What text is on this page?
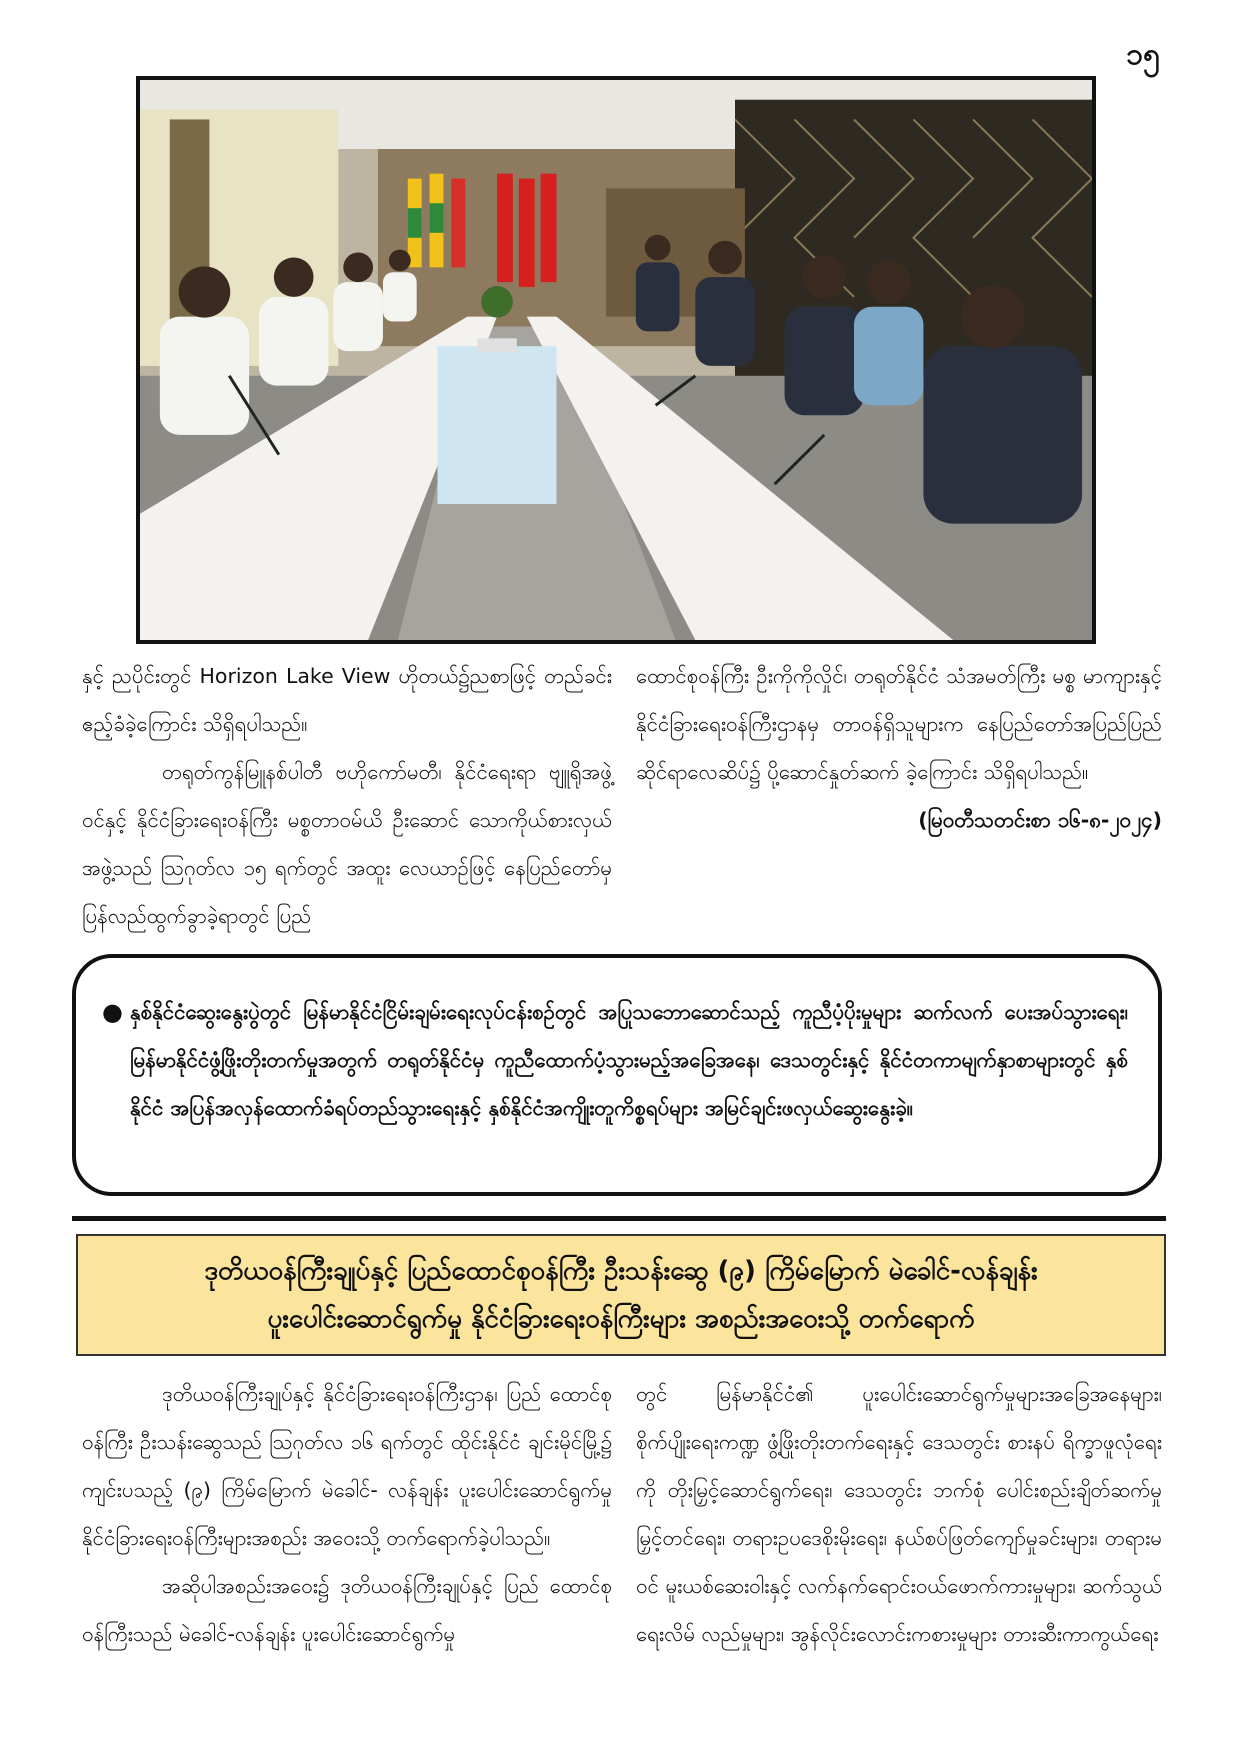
၁၅

နှင့် ညပိုင်းတွင် Horizon Lake View ဟိုတယ်၌ညစာဖြင့် တည်ခင်းဧည့်ခံခဲ့ကြောင်း သိရှိရပါသည်။

တရုတ်ကွန်မြူနစ်ပါတီ ဗဟိုကော်မတီ၊ နိုင်ငံရေးရာ ဗျူရိုအဖွဲ့ဝင်နှင့် နိုင်ငံခြားရေးဝန်ကြီး မစ္စတာဝမ်ယိ ဦးဆောင် သောကိုယ်စားလှယ်အဖွဲ့သည် ဩဂုတ်လ ၁၅ ရက်တွင် အထူး လေယာဉ်ဖြင့် နေပြည်တော်မှ ပြန်လည်ထွက်ခွာခဲ့ရာတွင် ပြည်

ထောင်စုဝန်ကြီး ဦးကိုကိုလှိုင်၊ တရုတ်နိုင်ငံ သံအမတ်ကြီး မစ္စ မာကျားနှင့် နိုင်ငံခြားရေးဝန်ကြီးဌာနမှ တာဝန်ရှိသူများက နေပြည်တော်အပြည်ပြည်ဆိုင်ရာလေဆိပ်၌ ပို့ဆောင်နှုတ်ဆက် ခဲ့ကြောင်း သိရှိရပါသည်။

(မြဝတီသတင်းစာ ၁၆-၈-၂၀၂၄)

● နှစ်နိုင်ငံဆွေးနွေးပွဲတွင် မြန်မာနိုင်ငံငြိမ်းချမ်းရေးလုပ်ငန်းစဉ်တွင် အပြုသဘောဆောင်သည့် ကူညီပံ့ပိုးမှုများ ဆက်လက် ပေးအပ်သွားရေး၊ မြန်မာနိုင်ငံဖွံ့ဖြိုးတိုးတက်မှုအတွက် တရုတ်နိုင်ငံမှ ကူညီထောက်ပံ့သွားမည့်အခြေအနေ၊ ဒေသတွင်းနှင့် နိုင်ငံတကာမျက်နှာစာများတွင် နှစ်နိုင်ငံ အပြန်အလှန်ထောက်ခံရပ်တည်သွားရေးနှင့် နှစ်နိုင်ငံအကျိုးတူကိစ္စရပ်များ အမြင်ချင်းဖလှယ်ဆွေးနွေးခဲ့။

ဒုတိယဝန်ကြီးချုပ်နှင့် ပြည်ထောင်စုဝန်ကြီး ဦးသန်းဆွေ (၉) ကြိမ်မြောက် မဲခေါင်-လန်ချန်း
ပူးပေါင်းဆောင်ရွက်မှု နိုင်ငံခြားရေးဝန်ကြီးများ အစည်းအဝေးသို့ တက်ရောက်

ဒုတိယဝန်ကြီးချုပ်နှင့် နိုင်ငံခြားရေးဝန်ကြီးဌာန၊ ပြည် ထောင်စုဝန်ကြီး ဦးသန်းဆွေသည် ဩဂုတ်လ ၁၆ ရက်တွင် ထိုင်းနိုင်ငံ ချင်းမိုင်မြို့၌ ကျင်းပသည့် (၉) ကြိမ်မြောက် မဲခေါင်- လန်ချန်း ပူးပေါင်းဆောင်ရွက်မှု နိုင်ငံခြားရေးဝန်ကြီးများအစည်း အဝေးသို့ တက်ရောက်ခဲ့ပါသည်။

အဆိုပါအစည်းအဝေး၌ ဒုတိယဝန်ကြီးချုပ်နှင့် ပြည် ထောင်စုဝန်ကြီးသည် မဲခေါင်-လန်ချန်း ပူးပေါင်းဆောင်ရွက်မှု

တွင် မြန်မာနိုင်ငံ၏ ပူးပေါင်းဆောင်ရွက်မှုများအခြေအနေများ၊ စိုက်ပျိုးရေးကဏ္ဍ ဖွံ့ဖြိုးတိုးတက်ရေးနှင့် ဒေသတွင်း စားနပ် ရိက္ခာဖူလုံရေးကို တိုးမြှင့်ဆောင်ရွက်ရေး၊ ဒေသတွင်း ဘက်စုံ ပေါင်းစည်းချိတ်ဆက်မှုမြှင့်တင်ရေး၊ တရားဥပဒေစိုးမိုးရေး၊ နယ်စပ်ဖြတ်ကျော်မှုခင်းများ၊ တရားမဝင် မူးယစ်ဆေးဝါးနှင့် လက်နက်ရောင်းဝယ်ဖောက်ကားမှုများ၊ ဆက်သွယ်ရေးလိမ် လည်မှုများ၊ အွန်လိုင်းလောင်းကစားမှုများ တားဆီးကာကွယ်ရေး
